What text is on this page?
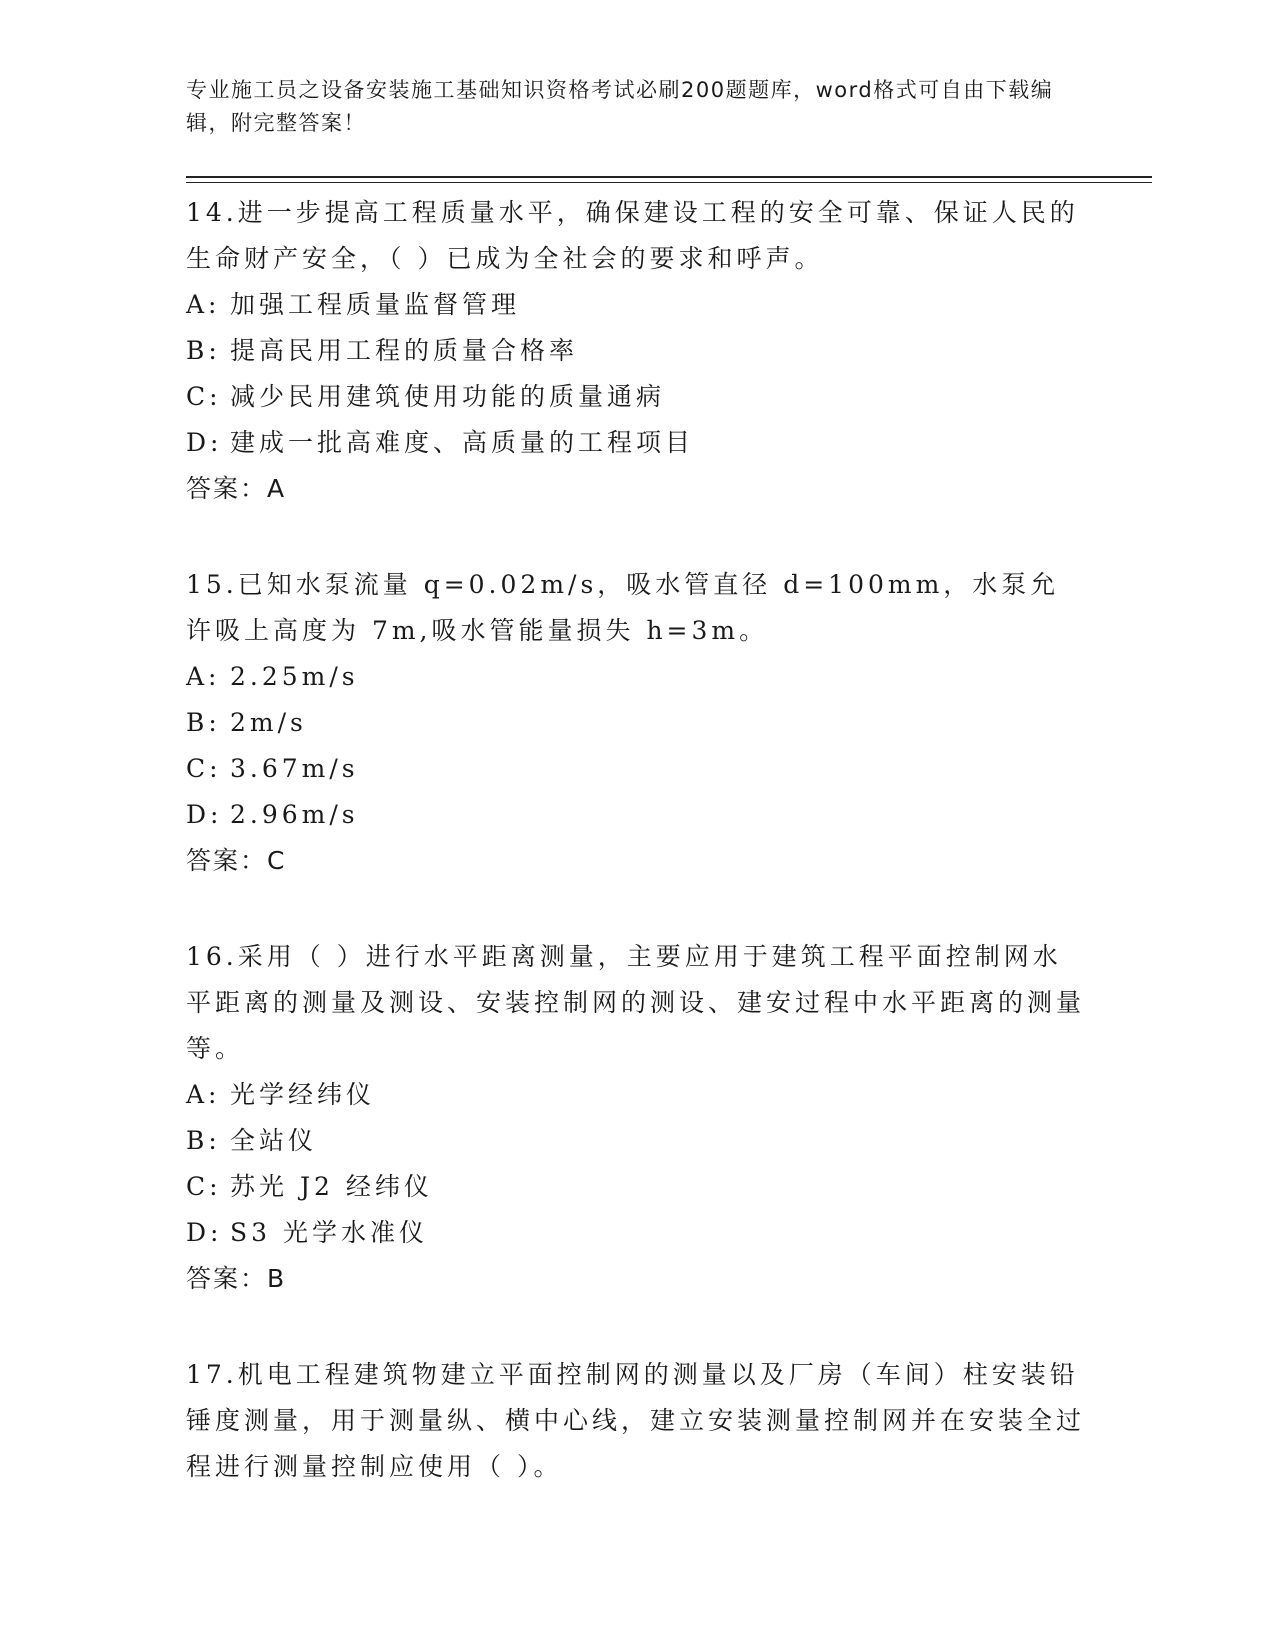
专业施工员之设备安装施工基础知识资格考试必刷200题题库，word格式可自由下载编辑，附完整答案！
14.进一步提高工程质量水平，确保建设工程的安全可靠、保证人民的生命财产安全，（ ）已成为全社会的要求和呼声。
A: 加强工程质量监督管理
B: 提高民用工程的质量合格率
C: 减少民用建筑使用功能的质量通病
D: 建成一批高难度、高质量的工程项目
答案：A
15.已知水泵流量 q=0.02m/s，吸水管直径 d=100mm，水泵允许吸上高度为 7m,吸水管能量损失 h=3m。
A: 2.25m/s
B: 2m/s
C: 3.67m/s
D: 2.96m/s
答案：C
16.采用（ ）进行水平距离测量，主要应用于建筑工程平面控制网水平距离的测量及测设、安装控制网的测设、建安过程中水平距离的测量等。
A: 光学经纬仪
B: 全站仪
C: 苏光 J2 经纬仪
D: S3 光学水准仪
答案：B
17.机电工程建筑物建立平面控制网的测量以及厂房（车间）柱安装铅锤度测量，用于测量纵、横中心线，建立安装测量控制网并在安装全过程进行测量控制应使用（ ）。
